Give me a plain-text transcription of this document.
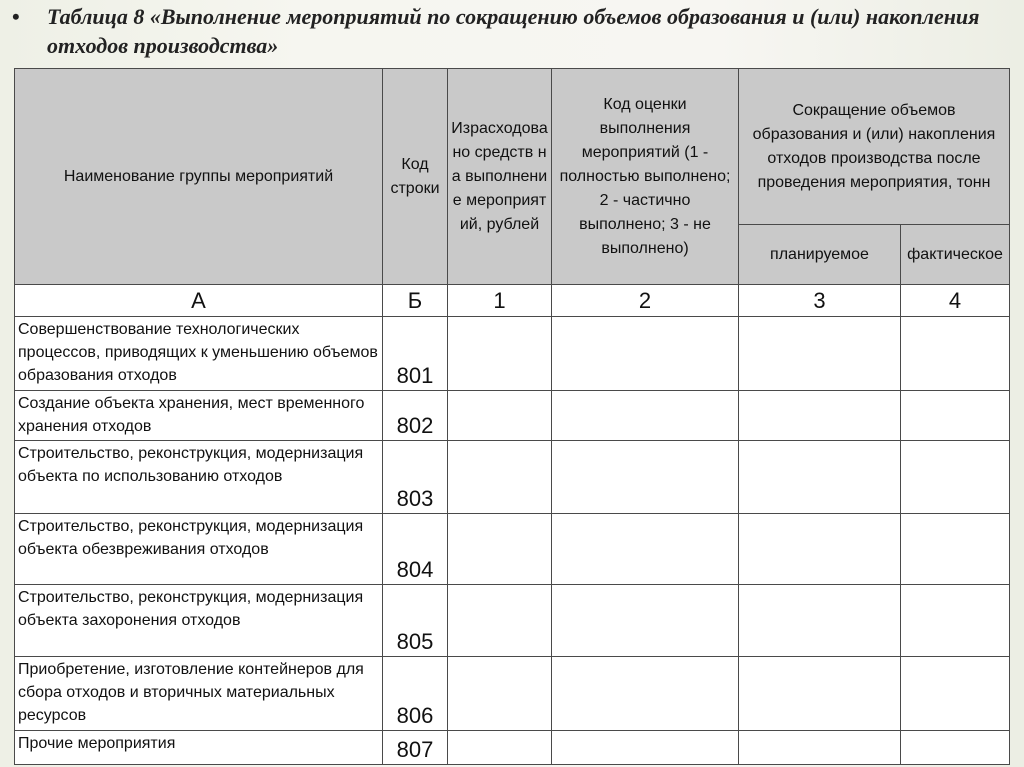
•	Таблица 8 «Выполнение мероприятий по сокращению объемов образования и (или) накопления отходов производства»
Наименование группы мероприятий	Код строки	Израсходовано средств на выполнение мероприятий, рублей	Код оценки выполнения мероприятий (1 - полностью выполнено; 2 - частично выполнено; 3 - не выполнено)	Сокращение объемов образования и (или) накопления отходов производства после проведения мероприятия, тонн	
				планируемое	фактическое
А	Б	1	2	3	4
Совершенствование технологических процессов, приводящих к уменьшению объемов образования отходов	801				
Создание объекта хранения, мест временного хранения отходов	802				
Строительство, реконструкция, модернизация объекта по использованию отходов	803				
Строительство, реконструкция, модернизация объекта обезвреживания отходов	804				
Строительство, реконструкция, модернизация объекта захоронения отходов	805				
Приобретение, изготовление контейнеров для сбора отходов и вторичных материальных ресурсов	806				
Прочие мероприятия	807				
